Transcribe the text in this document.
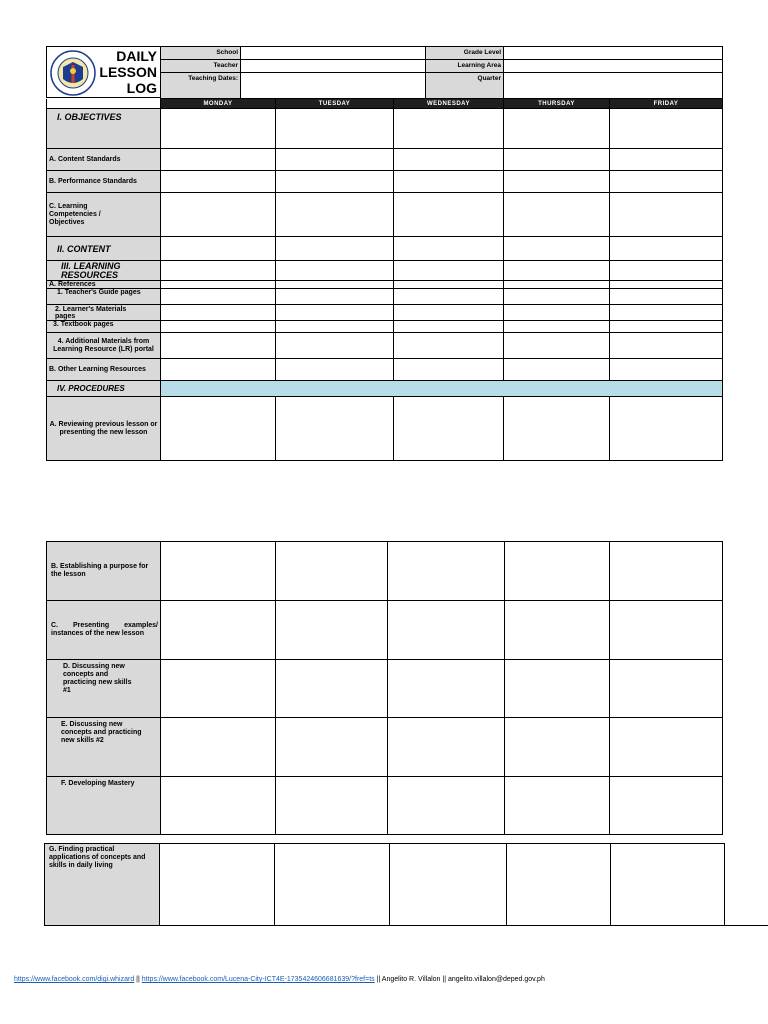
DAILY
LESSON
LOG
School		Grade Level	
Teacher		Learning Area	
Teaching Dates:		Quarter	
	MONDAY	TUESDAY	WEDNESDAY	THURSDAY	FRIDAY
I. OBJECTIVES					
A. Content Standards					
B. Performance Standards					
C. Learning Competencies / Objectives					
II. CONTENT					
III. LEARNING RESOURCES					
A. References					
1. Teacher's Guide pages					
2. Learner's Materials pages					
3. Textbook pages					
4. Additional Materials from Learning Resource (LR) portal					
B. Other Learning Resources					
IV. PROCEDURES					
A. Reviewing previous lesson or presenting the new lesson					
B. Establishing a purpose for the lesson					
C. Presenting examples/ instances of the new lesson					
D. Discussing new concepts and practicing new skills #1					
E. Discussing new concepts and practicing new skills #2					
F. Developing Mastery					
G. Finding practical applications of concepts and skills in daily living					
https://www.facebook.com/digi.whizard || https://www.facebook.com/Lucena-City-ICT4E-1735424606681639/?fref=ts || Angelito R. Villalon || angelito.villalon@deped.gov.ph
